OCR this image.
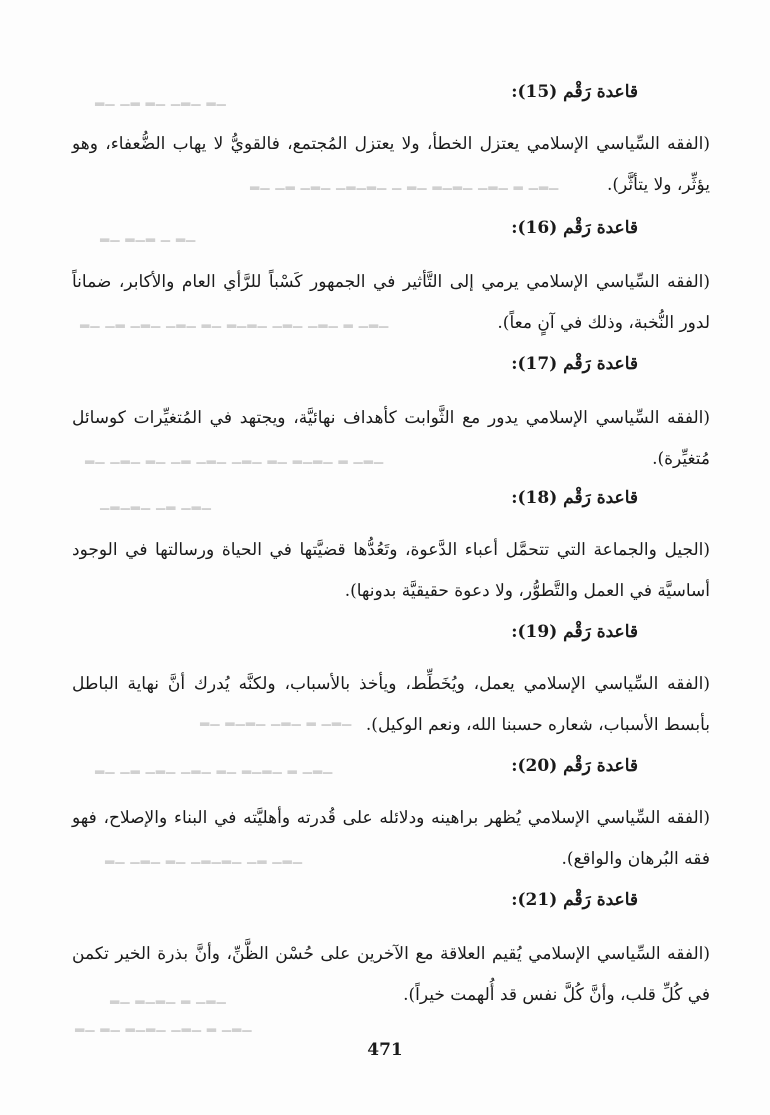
▁▂ ▁▂▁ ▁▂ ▂▁ ▁▂
▁▂▁ ▂ ▁▂▁ ▁▂▁▂ ▁▂ ▁ ▁▂▁▂▁ ▁▂▁ ▂▁ ▁▂
▁▂ ▁ ▂▁▂ ▁▂
▁▂▁ ▂ ▁▂▁ ▁▂▁ ▁▂▁▂ ▁▂ ▁▂▁ ▁▂▁ ▂▁ ▁▂
▁▂▁ ▂ ▁▂▁▂ ▁▂ ▁▂▁ ▁▂▁ ▂▁ ▁▂ ▁▂▁ ▁▂
▁▂▁ ▂▁ ▁▂▁▂▁
▁▂▁ ▂ ▁▂▁ ▁▂▁▂ ▁▂
▁▂▁ ▂ ▁▂▁▂ ▁▂ ▁▂▁ ▁▂▁ ▂▁ ▁▂
▁▂▁ ▂▁ ▁▂▁▂▁ ▁▂ ▁▂▁ ▁▂
▁▂▁ ▂ ▁▂▁▂ ▁▂
▁▂▁ ▂ ▁▂▁ ▁▂▁▂ ▁▂ ▁▂
قاعدة رَقْم (15):
(الفقه السِّياسي الإسلامي يعتزل الخطأ، ولا يعتزل المُجتمع، فالقويُّ لا يهاب الضُّعفاء، وهو يؤثِّر، ولا يتأثَّر).
قاعدة رَقْم (16):
(الفقه السِّياسي الإسلامي يرمي إلى التَّأثير في الجمهور كَسْباً للرَّأي العام والأكابر، ضماناً لدور النُّخبة، وذلك في آنٍ معاً).
قاعدة رَقْم (17):
(الفقه السِّياسي الإسلامي يدور مع الثَّوابت كأهداف نهائيَّة، ويجتهد في المُتغيِّرات كوسائل مُتغيِّرة).
قاعدة رَقْم (18):
(الجيل والجماعة التي تتحمَّل أعباء الدَّعوة، وتَعُدُّها قضيَّتها في الحياة ورسالتها في الوجود أساسيَّة في العمل والتَّطوُّر، ولا دعوة حقيقيَّة بدونها).
قاعدة رَقْم (19):
(الفقه السِّياسي الإسلامي يعمل، ويُخَطِّط، ويأخذ بالأسباب، ولكنَّه يُدرك أنَّ نهاية الباطل بأبسط الأسباب، شعاره حسبنا الله، ونعم الوكيل).
قاعدة رَقْم (20):
(الفقه السِّياسي الإسلامي يُظهر براهينه ودلائله على قُدرته وأهليَّته في البناء والإصلاح، فهو فقه البُرهان والواقع).
قاعدة رَقْم (21):
(الفقه السِّياسي الإسلامي يُقيم العلاقة مع الآخرين على حُسْن الظَّنِّ، وأنَّ بذرة الخير تكمن في كُلِّ قلب، وأنَّ كُلَّ نفس قد أُلهمت خيراً).
471
